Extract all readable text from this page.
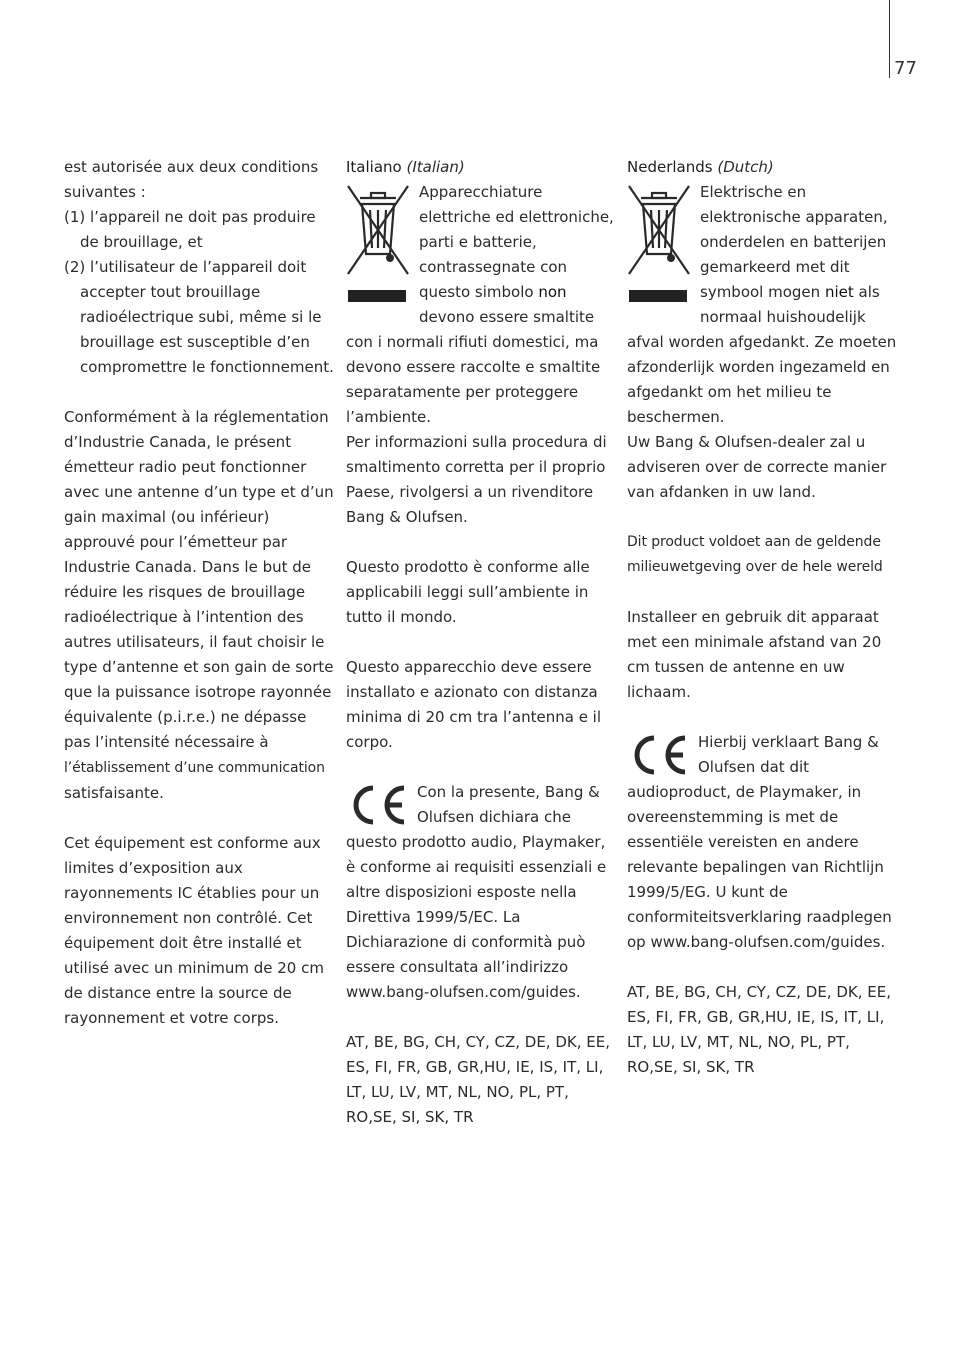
77

est autorisée aux deux conditions
suivantes :

(1) l’appareil ne doit pas produire de brouillage, et
(2) l’utilisateur de l’appareil doit accepter tout brouillage radioélectrique subi, même si le brouillage est susceptible d’en compromettre le fonctionnement.

Conformément à la réglementation d’Industrie Canada, le présent émetteur radio peut fonctionner avec une antenne d’un type et d’un gain maximal (ou inférieur) approuvé pour l’émetteur par Industrie Canada. Dans le but de réduire les risques de brouillage radioélectrique à l’intention des autres utilisateurs, il faut choisir le type d’antenne et son gain de sorte que la puissance isotrope rayonnée équivalente (p.i.r.e.) ne dépasse pas l’intensité nécessaire à l’établissement d’une communication satisfaisante.

Cet équipement est conforme aux limites d’exposition aux rayonnements IC établies pour un environnement non contrôlé. Cet équipement doit être installé et utilisé avec un minimum de 20 cm de distance entre la source de rayonnement et votre corps.

Italiano (Italian)

Apparecchiature elettriche ed elettroniche, parti e batterie, contrassegnate con questo simbolo non devono essere smaltite con i normali rifiuti domestici, ma devono essere raccolte e smaltite separatamente per proteggere l’ambiente.

Per informazioni sulla procedura di smaltimento corretta per il proprio Paese, rivolgersi a un rivenditore Bang & Olufsen.

Questo prodotto è conforme alle applicabili leggi sull’ambiente in tutto il mondo.

Questo apparecchio deve essere installato e azionato con distanza minima di 20 cm tra l’antenna e il corpo.

Con la presente, Bang & Olufsen dichiara che questo prodotto audio, Playmaker, è conforme ai requisiti essenziali e altre disposizioni esposte nella Direttiva 1999/5/EC. La Dichiarazione di conformità può essere consultata all’indirizzo www.bang-olufsen.com/guides.

AT, BE, BG, CH, CY, CZ, DE, DK, EE, ES, FI, FR, GB, GR,HU, IE, IS, IT, LI, LT, LU, LV, MT, NL, NO, PL, PT, RO,SE, SI, SK, TR

Nederlands (Dutch)

Elektrische en elektronische apparaten, onderdelen en batterijen gemarkeerd met dit symbool mogen niet als normaal huishoudelijk afval worden afgedankt. Ze moeten afzonderlijk worden ingezameld en afgedankt om het milieu te beschermen.

Uw Bang & Olufsen-dealer zal u adviseren over de correcte manier van afdanken in uw land.

Dit product voldoet aan de geldende milieuwetgeving over de hele wereld

Installeer en gebruik dit apparaat met een minimale afstand van 20 cm tussen de antenne en uw lichaam.

Hierbij verklaart Bang & Olufsen dat dit audioproduct, de Playmaker, in overeenstemming is met de essentiële vereisten en andere relevante bepalingen van Richtlijn 1999/5/EG. U kunt de conformiteitsverklaring raadplegen op www.bang-olufsen.com/guides.

AT, BE, BG, CH, CY, CZ, DE, DK, EE, ES, FI, FR, GB, GR,HU, IE, IS, IT, LI, LT, LU, LV, MT, NL, NO, PL, PT, RO,SE, SI, SK, TR
